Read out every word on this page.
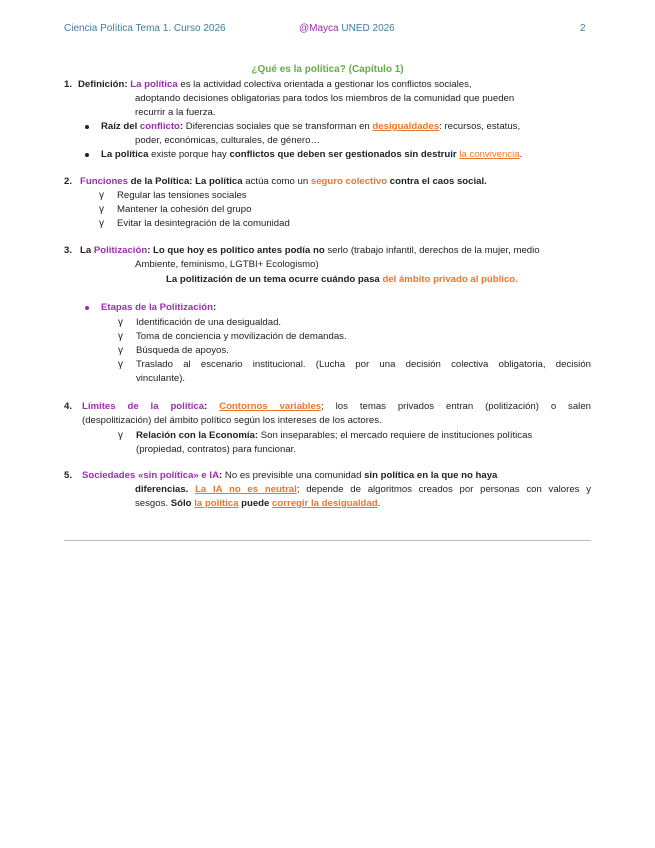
Ciencia Política Tema 1. Curso 2026	@Mayca UNED 2026	2
¿Qué es la política? (Capítulo 1)
1. Definición: La política es la actividad colectiva orientada a gestionar los conflictos sociales,
adoptando decisiones obligatorias para todos los miembros de la comunidad que pueden
recurrir a la fuerza.
Raíz del conflicto: Diferencias sociales que se transforman en desigualdades: recursos, estatus,
poder, económicas, culturales, de género…
La política existe porque hay conflictos que deben ser gestionados sin destruir la convivencia.
2. Funciones de la Política: La política actúa como un seguro colectivo contra el caos social.
γ Regular las tensiones sociales
γ Mantener la cohesión del grupo
γ Evitar la desintegración de la comunidad
3. La Politización: Lo que hoy es político antes podía no serlo (trabajo infantil, derechos de la mujer, medio
Ambiente, feminismo, LGTBI+ Ecologismo)
La politización de un tema ocurre cuándo pasa del ámbito privado al público.
Etapas de la Politización:
γ Identificación de una desigualdad.
γ Toma de conciencia y movilización de demandas.
γ Búsqueda de apoyos.
γ Traslado al escenario institucional. (Lucha por una decisión colectiva obligatoria, decisión
vinculante).
4. Límites de la política: Contornos variables; los temas privados entran (politización) o salen
(despolitización) del ámbito político según los intereses de los actores.
γ Relación con la Economía: Son inseparables; el mercado requiere de instituciones políticas
(propiedad, contratos) para funcionar.
5. Sociedades «sin política» e IA: No es previsible una comunidad sin política en la que no haya
diferencias. La IA no es neutral; depende de algoritmos creados por personas con valores y
sesgos. Sólo la política puede corregir la desigualdad.
